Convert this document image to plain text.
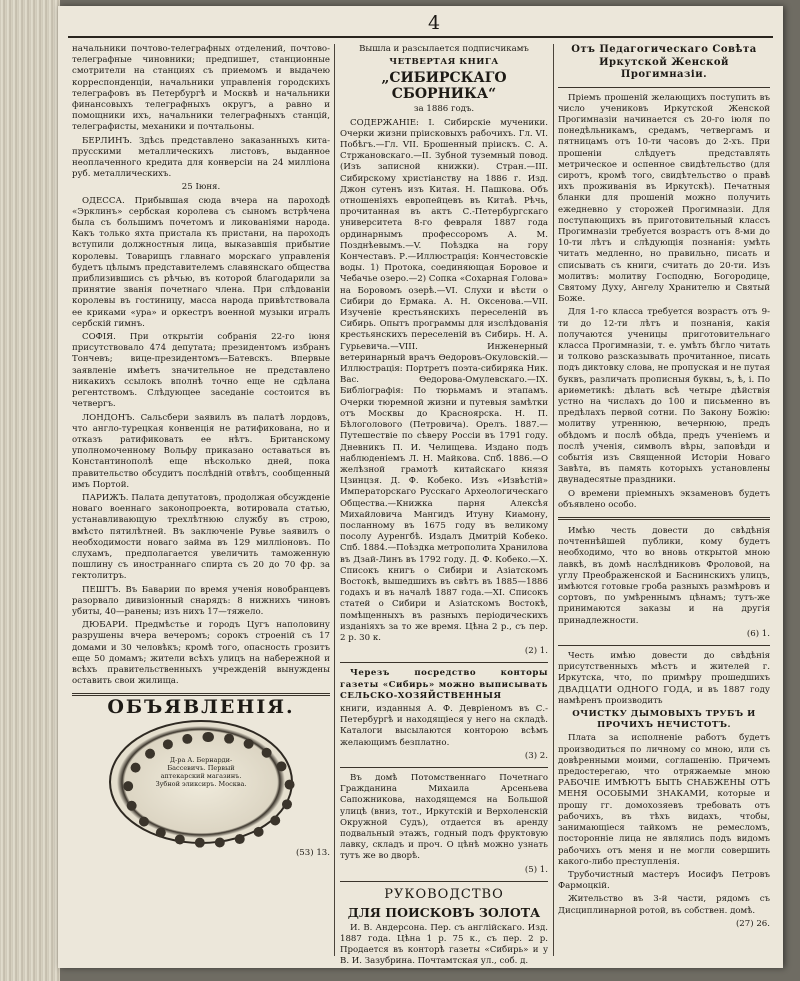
4

начальники почтово-телеграфных отделений, почтово-телеграфные чиновники; предпишет, станционные смотрители на станциях съ приемомъ и выдачею корреспонденціи, начальники управленія городскихъ телеграфовъ въ Петербургѣ и Москвѣ и начальники финансовыхъ телеграфныхъ округъ, а равно и помощники ихъ, начальники телеграфныхъ станцій, телеграфисты, механики и почтальоны.

БЕРЛИНЪ. Здѣсь представлено заказанныхъ кита-прусскими металлическихъ листовъ, выданное неоплаченного кредита для конверсіи на 24 милліона руб. металлическихъ.

25 Іюня.

ОДЕССА. Прибывшая сюда вчера на пароходѣ «Эрклинъ» сербская королева съ сыномъ встрѣчена была съ большимъ почетомъ и ликованіями народа. Какъ только яхта пристала къ пристани, на пароходъ вступили должностныя лица, выказавшія прибытие королевы. Товарищъ главнаго морскаго управленія будетъ цѣлымъ представителемъ славянскаго общества приблизившись съ рѣчью, въ которой благодарили за принятие званія почетнаго члена. При слѣдованіи королевы въ гостиницу, масса народа привѣтствовала ее криками «ура» и оркестръ военной музыки игралъ сербскій гимнъ.

СОФІЯ. При открытіи собранія 22-го іюня присутствовало 474 депутата; президентомъ избранъ Тончевъ; вице-президентомъ—Батевскъ. Впервые заявленіе имѣетъ значительное не представлено никакихъ ссылокъ вполнѣ точно еще не сдѣлана регентствомъ. Слѣдующее заседаніе состоится въ четвергъ.

ЛОНДОНЪ. Сальсбери заявилъ въ палатѣ лордовъ, что англо-турецкая конвенція не ратификована, но и отказъ ратификовать ее нѣтъ. Британскому уполномоченному Вольфу приказано оставаться въ Константинополѣ еще нѣсколько дней, пока правительство обсудитъ послѣдній отвѣтъ, сообщенный имъ Портой.

ПАРИЖЪ. Палата депутатовъ, продолжая обсужденіе новаго военнаго законопроекта, вотировала статью, устанавливающую трехлѣтнюю службу въ строю, вмѣсто пятилѣтней. Въ заключеніе Рувье заявилъ о необходимости новаго займа въ 129 милліоновъ. По слухамъ, предполагается увеличить таможенную пошлину съ иностраннаго спирта съ 20 до 70 фр. за гектолитръ.

ПЕШТЪ. Въ Баварии по время ученія новобранцевъ разорвало дивизіонный снарядъ: 8 нижнихъ чиновъ убиты, 40—ранены; изъ нихъ 17—тяжело.

ДЮБАРИ. Предмѣстье и городъ Цугъ наполовину разрушены вчера вечеромъ; сорокъ строеній съ 17 домами и 30 человѣкъ; кромѣ того, опасность грозитъ еще 50 домамъ; жители всѣхъ улицъ на набережной и всѣхъ правительственныхъ учрежденій вынуждены оставить свои жилища.

ОБЪЯВЛЕНІЯ.
Д-ра А. Бернарди-Бассевичъ. Первый аптекарский магазинъ. Зубной эликсиръ. Москва.
(53) 13.

Вышла и разсылается подписчикамъ

ЧЕТВЕРТАЯ КНИГА

„СИБИРСКАГО СБОРНИКА“

за 1886 годъ.

СОДЕРЖАНІЕ: І. Сибирскіе мученики. Очерки жизни пріисковыхъ рабочихъ. Гл. VI. Побѣгъ.—Гл. VII. Брошенный пріискъ. С. А. Стржановскаго.—II. Зубной туземный повод. (Изъ записной книжки). Стран.—III. Сибирскому христіанству на 1886 г. Изд. Джон сутенъ изъ Китая. Н. Пашкова. Объ отношеніяхъ европейцевъ въ Китаѣ. Рѣчь, прочитанная въ актъ С.-Петербургскаго университета 8-го февраля 1887 года ординарнымъ профессоромъ А. М. Позднѣевымъ.—V. Поѣздка на гору Кончеставъ. Р.—Иллюстрація: Кончестовскіе воды. 1) Протока, соединяющая Боровое и Чебачье озеро.—2) Сопка «Сохарная Голова» на Боровомъ озерѣ.—VI. Слухи и вѣсти о Сибири до Ермака. А. Н. Оксенова.—VII. Изученіе крестьянскихъ переселеній въ Сибирь. Опытъ программы для изслѣдованія крестьянскихъ переселеній въ Сибирь. Н. А. Гурьевича.—VIII. Инженерный ветеринарный врачъ Ѳедоровъ-Окуловскій.—Иллюстрація: Портретъ поэта-сибиряка Ник. Вас. Ѳедорова-Омулевскаго.—IX. Библіографія: По тюрьмамъ и этапамъ. Очерки тюремной жизни и путевыя замѣтки отъ Москвы до Красноярска. Н. П. Бѣлоголового (Петровича). Орелъ. 1887.—Путешествіе по сѣверу Россіи въ 1791 году. Дневникъ П. И. Челищева. Издано подъ наблюденіемъ Л. Н. Майкова. Спб. 1886.—О желѣзной грамотѣ китайскаго князя Цзинцзя. Д. Ф. Кобеко. Изъ «Извѣстій» Императорскаго Русскаго Археологическаго Общества.—Книжка парня Алексѣя Михайловича Мангидъ Итуну Киамону, посланному въ 1675 году въ великому посолу Ауренгбѣ. Издалъ Дмитрій Кобеко. Спб. 1884.—Поѣздка метрополита Хранилова въ Дзай-Линъ въ 1792 году. Д. Ф. Кобеко.—X. Списокъ книгъ о Сибири и Азіатскомъ Востокѣ, вышедшихъ въ свѣтъ въ 1885—1886 годахъ и въ началѣ 1887 года.—XI. Списокъ статей о Сибири и Азіатскомъ Востокѣ, помѣщенныхъ въ разныхъ періодическихъ изданіяхъ за то же время. Цѣна 2 р., съ пер. 2 р. 30 к.

(2) 1.

Черезъ посредство конторы газеты «Сибирь» можно выписывать СЕЛЬСКО-ХОЗЯЙСТВЕННЫЯ

книги, изданныя А. Ф. Девріеномъ въ С.-Петербургѣ и находящіеся у него на складѣ. Каталоги высылаются конторою всѣмъ желающимъ безплатно.

(3) 2.

Въ домѣ Потомственнаго Почетнаго Гражданина Михаила Арсеньева Сапожникова, находящемся на Большой улицѣ (вниз, тот., Иркутскій и Верхоленскій Окружной Судъ), отдается въ аренду подвальный этажъ, годный подъ фруктовую лавку, складъ и проч. О цѣнѣ можно узнать тутъ же во дворѣ.

(5) 1.

РУКОВОДСТВО

ДЛЯ ПОИСКОВЪ ЗОЛОТА

И. В. Андерсона. Пер. съ англійскаго. Изд. 1887 года. Цѣна 1 р. 75 к., съ пер. 2 р. Продается въ конторѣ газеты «Сибирь» и у В. И. Зазубрина. Почтамтская ул., соб. д.

Отъ Педагогическаго Совѣта Иркутской Женской Прогимназіи.

Пріемъ прошеній желающихъ поступить въ число учениковъ Иркутской Женской Прогимназіи начинается съ 20-го іюля по понедѣльникамъ, средамъ, четвергамъ и пятницамъ отъ 10-ти часовъ до 2-хъ. При прошеніи слѣдуетъ представлять метрическое и оспенное свидѣтельство (для сиротъ, кромѣ того, свидѣтельство о правѣ ихъ проживанія въ Иркутскѣ). Печатныя бланки для прошеній можно получить ежедневно у сторожей Прогимназіи. Для поступающихъ въ приготовительный классъ Прогимназіи требуется возрастъ отъ 8-ми до 10-ти лѣтъ и слѣдующія познанія: умѣть читать медленно, но правильно, писать и списывать съ книги, считать до 20-ти. Изъ молитвъ: молитву Господню, Богородице, Святому Духу, Ангелу Хранителю и Святый Боже.

Для 1-го класса требуется возрастъ отъ 9-ти до 12-ти лѣтъ и познанія, какія получаются ученицы приготовительнаго класса Прогимназіи, т. е. умѣть бѣгло читать и толково разсказывать прочитанное, писать подъ диктовку слова, не пропуская и не путая буквъ, различать прописныя буквы, ъ, ѣ, і. По ариѳметикѣ: дѣлать всѣ четыре дѣйствія устно на числахъ до 100 и письменно въ предѣлахъ первой сотни. По Закону Божію: молитву утреннюю, вечернюю, предъ обѣдомъ и послѣ обѣда, предъ ученіемъ и послѣ ученія, символъ вѣры, заповѣди и событія изъ Священной Исторіи Новаго Завѣта, въ память которыхъ установлены двунадесятые праздники.

О времени пріемныхъ экзаменовъ будетъ объявлено особо.

Имѣю честь довести до свѣдѣнія почтеннѣйшей публики, кому будетъ необходимо, что во вновь открытой мною лавкѣ, въ домѣ наслѣдниковъ Фроловой, на углу Преображенской и Баснинскихъ улицъ, имѣются готовые гроба разныхъ размѣровъ и сортовъ, по умѣреннымъ цѣнамъ; тутъ-же принимаются заказы и на другія принадлежности.

(6) 1.

Честь имѣю довести до свѣдѣнія присутственныхъ мѣстъ и жителей г. Иркутска, что, по примѣру прошедшихъ ДВАДЦАТИ ОДНОГО ГОДА, и въ 1887 году намѣренъ производить

ОЧИСТКУ ДЫМОВЫХЪ ТРУБЪ И ПРОЧИХЪ НЕЧИСТОТЪ.

Плата за исполненіе работъ будетъ производиться по личному со мною, или съ довѣренными моими, соглашенію. Причемъ предостерегаю, что отряжаемые мною РАБОЧІЕ ИМѢЮТЪ БЫТЬ СНАБЖЕНЫ ОТЪ МЕНЯ ОСОБЫМИ ЗНАКАМИ, которые и прошу гг. домохозяевъ требовать отъ рабочихъ, въ тѣхъ видахъ, чтобы, занимающіеся тайкомъ не ремесломъ, посторонніе лица не являлись подъ видомъ рабочихъ отъ меня и не могли совершить какого-либо преступленія.

Трубочистный мастеръ Иосифъ Петровъ Фармоцкій.

Жительство въ 3-й части, рядомъ съ Дисциплинарной ротой, въ собствен. домѣ.

(27) 26.
